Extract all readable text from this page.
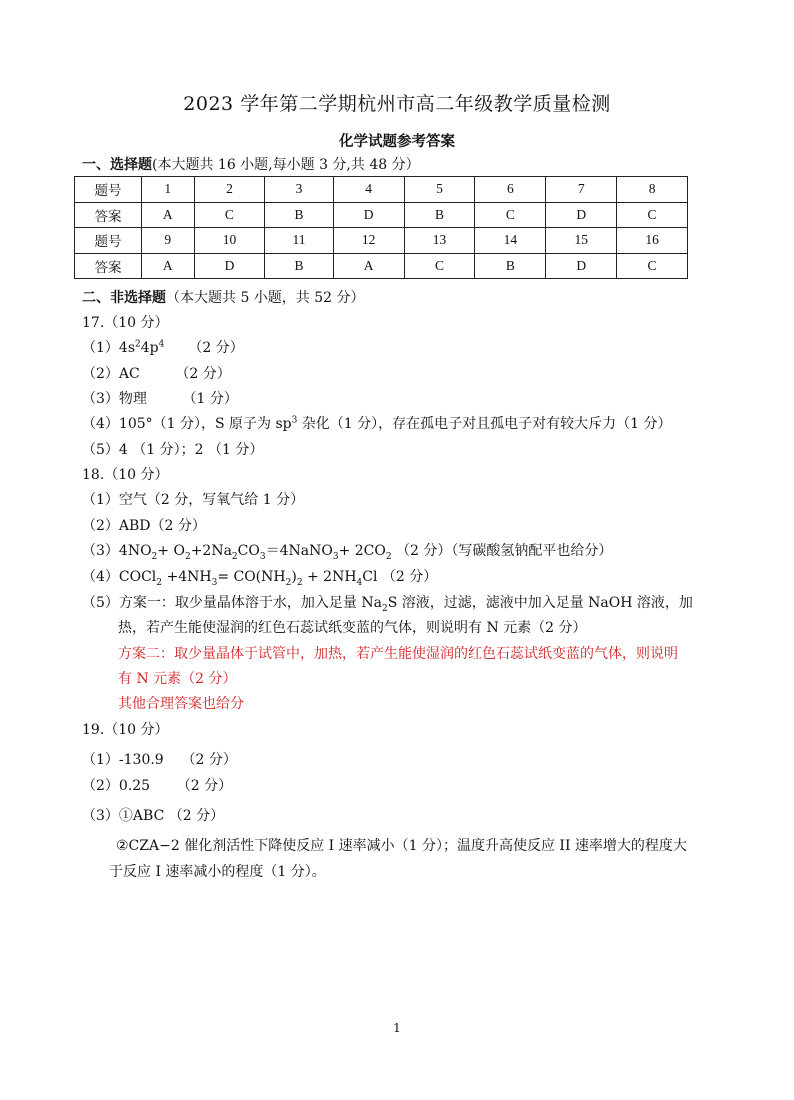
2023 学年第二学期杭州市高二年级教学质量检测
化学试题参考答案
一、选择题(本大题共 16 小题,每小题 3 分,共 48 分）
题号	1	2	3	4	5	6	7	8
答案	A	C	B	D	B	C	D	C
题号	9	10	11	12	13	14	15	16
答案	A	D	B	A	C	B	D	C
二、非选择题（本大题共 5 小题，共 52 分）
17.（10 分）
$(1)4s^24p^4$ （2 分）
（2）AC        （2 分）
（3）物理        （1 分）
（4）105°（1 分），S 原子为 $sp^3$ 杂化（1 分），存在孤电子对且孤电子对有较大斥力（1 分）
（5）4 （1 分）；2 （1 分）
18.（10 分）
（1）空气（2 分，写氧气给 1 分）
（2）ABD（2 分）
$(3)4NO_2+$ $O_2+2Na_2CO_3=4NaNO_3+ 2CO_2$ （2 分）（写碳酸氢钠配平也给分）
（4）COCl$_2$ $+4NH_3= CO(NH_2)_2 + 2NH_4Cl$ （2 分）
（5）方案一：取少量晶体溶于水，加入足量 $Na_2S$ 溶液，过滤，滤液中加入足量 NaOH 溶液，加
热，若产生能使湿润的红色石蕊试纸变蓝的气体，则说明有 N 元素（2 分）
方案二：取少量晶体于试管中，加热，若产生能使湿润的红色石蕊试纸变蓝的气体，则说明
有 N 元素（2 分）
其他合理答案也给分
19.（10 分）
（1）-130.9    （2 分）
（2）0.25      （2 分）
（3）①ABC （2 分）
②CZA−2 催化剂活性下降使反应 I 速率减小（1 分）；温度升高使反应 II 速率增大的程度大
于反应 I 速率减小的程度（1 分）。
1
